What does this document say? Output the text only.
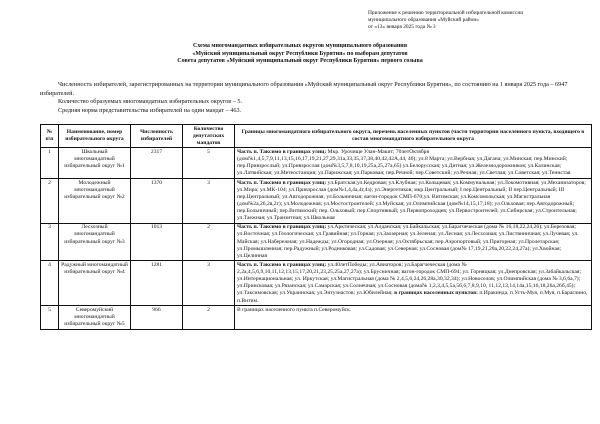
Приложение к решению территориальной избирательной комиссии
муниципального образования «Муйский район»
от «13» января 2025 года № 3
Схема многомандатных избирательных округов муниципального образования
«Муйский муниципальный округ Республики Бурятия» по выборам депутатов
Совета депутатов «Муйский муниципальный округ Республики Бурятия» первого созыва

Численность избирателей, зарегистрированных на территории муниципального образования «Муйский муниципальный округ Республики Бурятия», по состоянию на 1 января 2025 года – 6947 избирателей.

Количество образуемых многомандатных избирательных округов – 5.

Средняя норма представительства избирателей на один мандат – 463.

№ п\п	Наименование, номер избирательного округа	Численность избирателей	Количество депутатских мандатов	Границы многомандатного избирательного округа, перечень населенных пунктов (части территории населенного пункта, входящего в состав многомандатного избирательного округа
1	Школьный многомандатный избирательный округ №1	2317	5	Часть п. Таксимо в границах улиц: Мкр. Урочище Улан-Макит; 70летОктября (дом№1,4,5,7,9,11,13,15,16,17,19,21,27,29,31а,33,35,37,38,40,42,42А,44, 46); ул.8 Марта; ул.Вербная; ул.Дагана; ул.Минская; пер.Минский; пер.Привзрослый; ул.Привзрослая (дом№3,5,7,8,10,19,25а,25,27а,65) ул.Белорусская; ул.Дитная; ул.Железнодорожников; ул.Калинская; ул.Латвийская; ул.Метеостанция; ул.Парижская; ул.Парковая; пер.Речной; пер.Советский; ул.Речная; ул.Светлая; ул.Советская; ул.Теннстая
2	Молодежный многомандатный избирательный округ №2	1370	3	Часть п. Таксимо в границах улиц: ул.Братская;ул.Кедровая; ул.Клубная; ул.Кольцевая; ул.Коммунальная; ул.Локомотивная; ул.Механизаторов; ул.Мира; ул.МК-104; ул.Привзрослая (дом№1,4,4а,4г,4з); ул.Энергетиков; мкр.Центральный; I пер.Центральный; II пер.Центральный; III пер.Центральный; ул.Автодорожная; ул.Больничная; вагон-городок СМП-670;ул. Витимская; ул.Комсомольская; ул.Магистральная (дом№2а,26,2в,2г); ул.Молодежная; ул.Мостостроителей; ул.Муйская; ул.Олимпийская (дом№14,15,17,18); ул.Ольховая; пер.Автодорожный; пер.Больничный; пер.Витимский; пер. Ольховый; пер.Спортивный; ул.Первопроходцев; ул.Первостроителей; ул.Сибирская; ул.Строительная; ул.Таежная; ул.Транзитная; ул.Школьная
3	Лесхозный многомандатный избирательный округ №3	1013	2	Часть п. Таксимо в границах улиц: ул.Арктическая; ул.Алданская; ул.Байкальская; ул.Барагчеческая (дома № 16,18,22,24,26); ул.Березовая; ул.Восточная; ул.Геологическая; ул.Гравийная; ул.Горная; ул.Заозерная; ул.Зеленая; ул.Лесная; ул.Лесхозная; ул.Листвиничная; ул.Лучевая; ул. Майская; ул.Набережная; ул.Надежды; ул.Огородная; ул.Озерная; ул.Октябрьская; пер.Аэропортовый; ул.Пригорная; ул.Пролетарская; ул.Промышленная; пер.Радужный; ул.Родниковая; ул.Садовая; ул.Северная; ул.Сосновая (дом№ 17,19,21,20а,20,22,24,27а); ул.Хвойная; ул.Целинная
4	Радужный многомандатный избирательный округ №4	1281	3	Часть п. Таксимо в границах улиц: ул.40летПобеды; ул.Авиаторов; ул.Барагчеческая (дома № 2,2а,4,5,6,9,10,11,12,13,15,17,20,21,23,25,25а,27,27а); ул.Брусничная; вагон-городок СМП-694; ул. Горняцкая; ул.Днепровская; ул.Забайкальская; ул.Интернациональная; ул. Иркутская; ул.Магистральная (дома № 2,4,5,6,24,26,28а,30,32,34); ул.Новоселов; ул.Олимпийская (дома № 3,6,6а,7); ул.Приисковая; ул.Рязанская; ул.Самарская; ул.Солнечная; ул.Сосновая (дома№ 1,2,3,4,5,5а,5б,6,7,8,9,10, 11,12,13,14,14а,15,16,18,26а,26б,45); ул.Таксимовская; ул.Украинская; ул.Энтузиастов; ул.Юбилейная; в границах населенных пунктов: п.Иракинда, п.Усть-Муя, п.Муя, п.Бараглино, п.Витим.
5	Северомуйский многомандатный избирательный округ №5	966	2	В границах населенного пункта п.Северомуйск.
